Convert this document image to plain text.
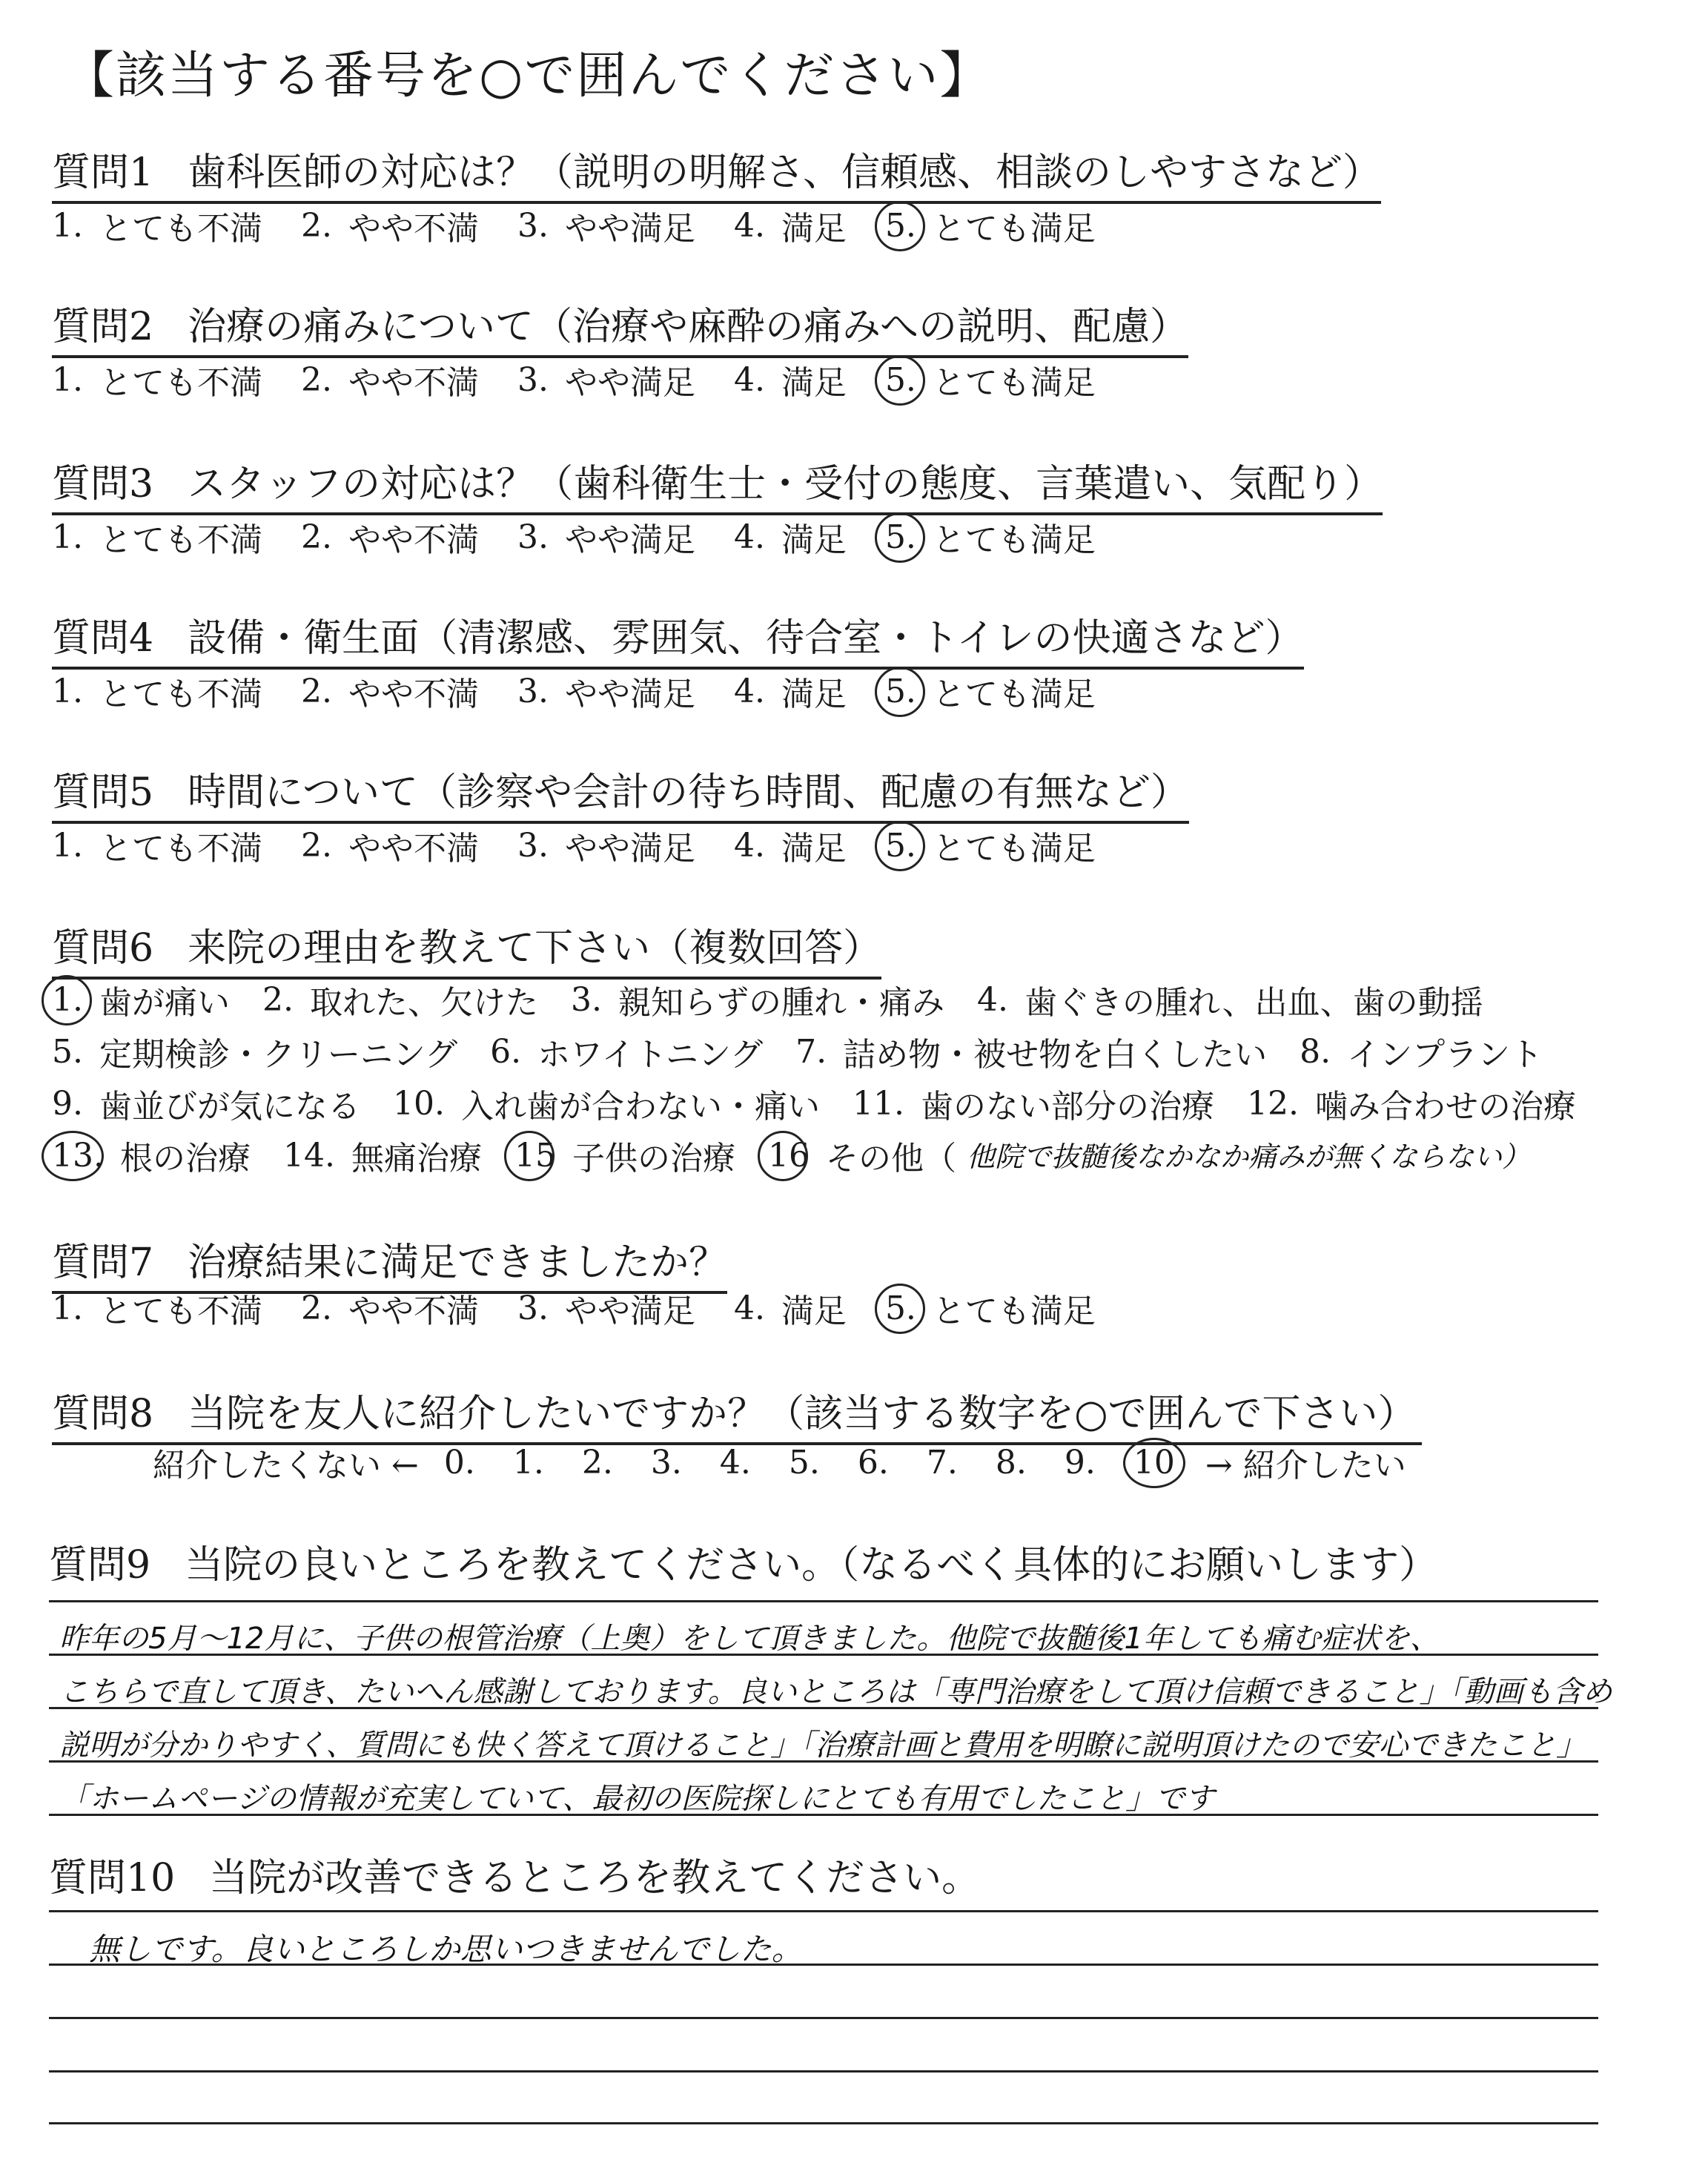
【該当する番号を○で囲んでください】
質問1 歯科医師の対応は？（説明の明解さ、信頼感、相談のしやすさなど）
1. とても不満 2. やや不満 3. やや満足 4. 満足 5. とても満足
質問2 治療の痛みについて（治療や麻酔の痛みへの説明、配慮）
1. とても不満 2. やや不満 3. やや満足 4. 満足 5. とても満足
質問3 スタッフの対応は？（歯科衛生士・受付の態度、言葉遣い、気配り）
1. とても不満 2. やや不満 3. やや満足 4. 満足 5. とても満足
質問4 設備・衛生面（清潔感、雰囲気、待合室・トイレの快適さなど）
1. とても不満 2. やや不満 3. やや満足 4. 満足 5. とても満足
質問5 時間について（診察や会計の待ち時間、配慮の有無など）
1. とても不満 2. やや不満 3. やや満足 4. 満足 5. とても満足
質問6 来院の理由を教えて下さい（複数回答）
1. 歯が痛い 2. 取れた、欠けた 3. 親知らずの腫れ・痛み 4. 歯ぐきの腫れ、出血、歯の動揺
5. 定期検診・クリーニング 6. ホワイトニング 7. 詰め物・被せ物を白くしたい 8. インプラント
9. 歯並びが気になる 10. 入れ歯が合わない・痛い 11. 歯のない部分の治療 12. 噛み合わせの治療
13. 根の治療 14. 無痛治療 15 子供の治療 16 その他（ 他院で抜髄後なかなか痛みが無くならない）
質問7 治療結果に満足できましたか？
1. とても不満 2. やや不満 3. やや満足 4. 満足 5. とても満足
質問8 当院を友人に紹介したいですか？（該当する数字を○で囲んで下さい）
紹介したくない ← 0.	1.	2.	3.	4.	5.	6.	7.	8.	9.	10 → 紹介したい
質問9 当院の良いところを教えてください。（なるべく具体的にお願いします）
昨年の5月～12月に、子供の根管治療（上奥）をして頂きました。他院で抜髄後1年しても痛む症状を、
こちらで直して頂き、たいへん感謝しております。良いところは「専門治療をして頂け信頼できること」「動画も含め
説明が分かりやすく、質問にも快く答えて頂けること」「治療計画と費用を明瞭に説明頂けたので安心できたこと」
「ホームページの情報が充実していて、最初の医院探しにとても有用でしたこと」です
質問10 当院が改善できるところを教えてください。
無しです。良いところしか思いつきませんでした。
